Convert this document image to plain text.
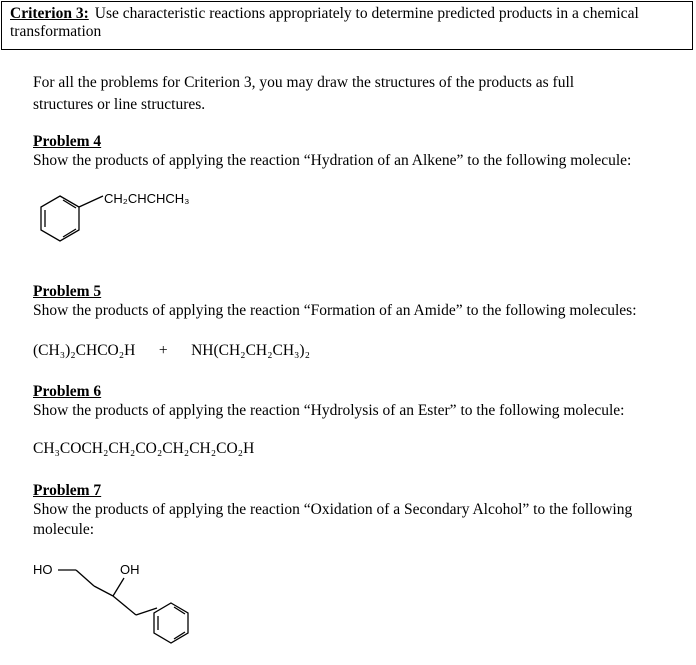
Criterion 3: Use characteristic reactions appropriately to determine predicted products in a chemical transformation
For all the problems for Criterion 3, you may draw the structures of the products as full structures or line structures.
Problem 4
Show the products of applying the reaction “Hydration of an Alkene” to the following molecule:
CH₂CHCHCH₃
Problem 5
Show the products of applying the reaction “Formation of an Amide” to the following molecules:
(CH₃)₂CHCO₂H + NH(CH₂CH₂CH₃)₂
Problem 6
Show the products of applying the reaction “Hydrolysis of an Ester” to the following molecule:
CH₃COCH₂CH₂CO₂CH₂CH₂CO₂H
Problem 7
Show the products of applying the reaction “Oxidation of a Secondary Alcohol” to the following molecule:
HO	OH
